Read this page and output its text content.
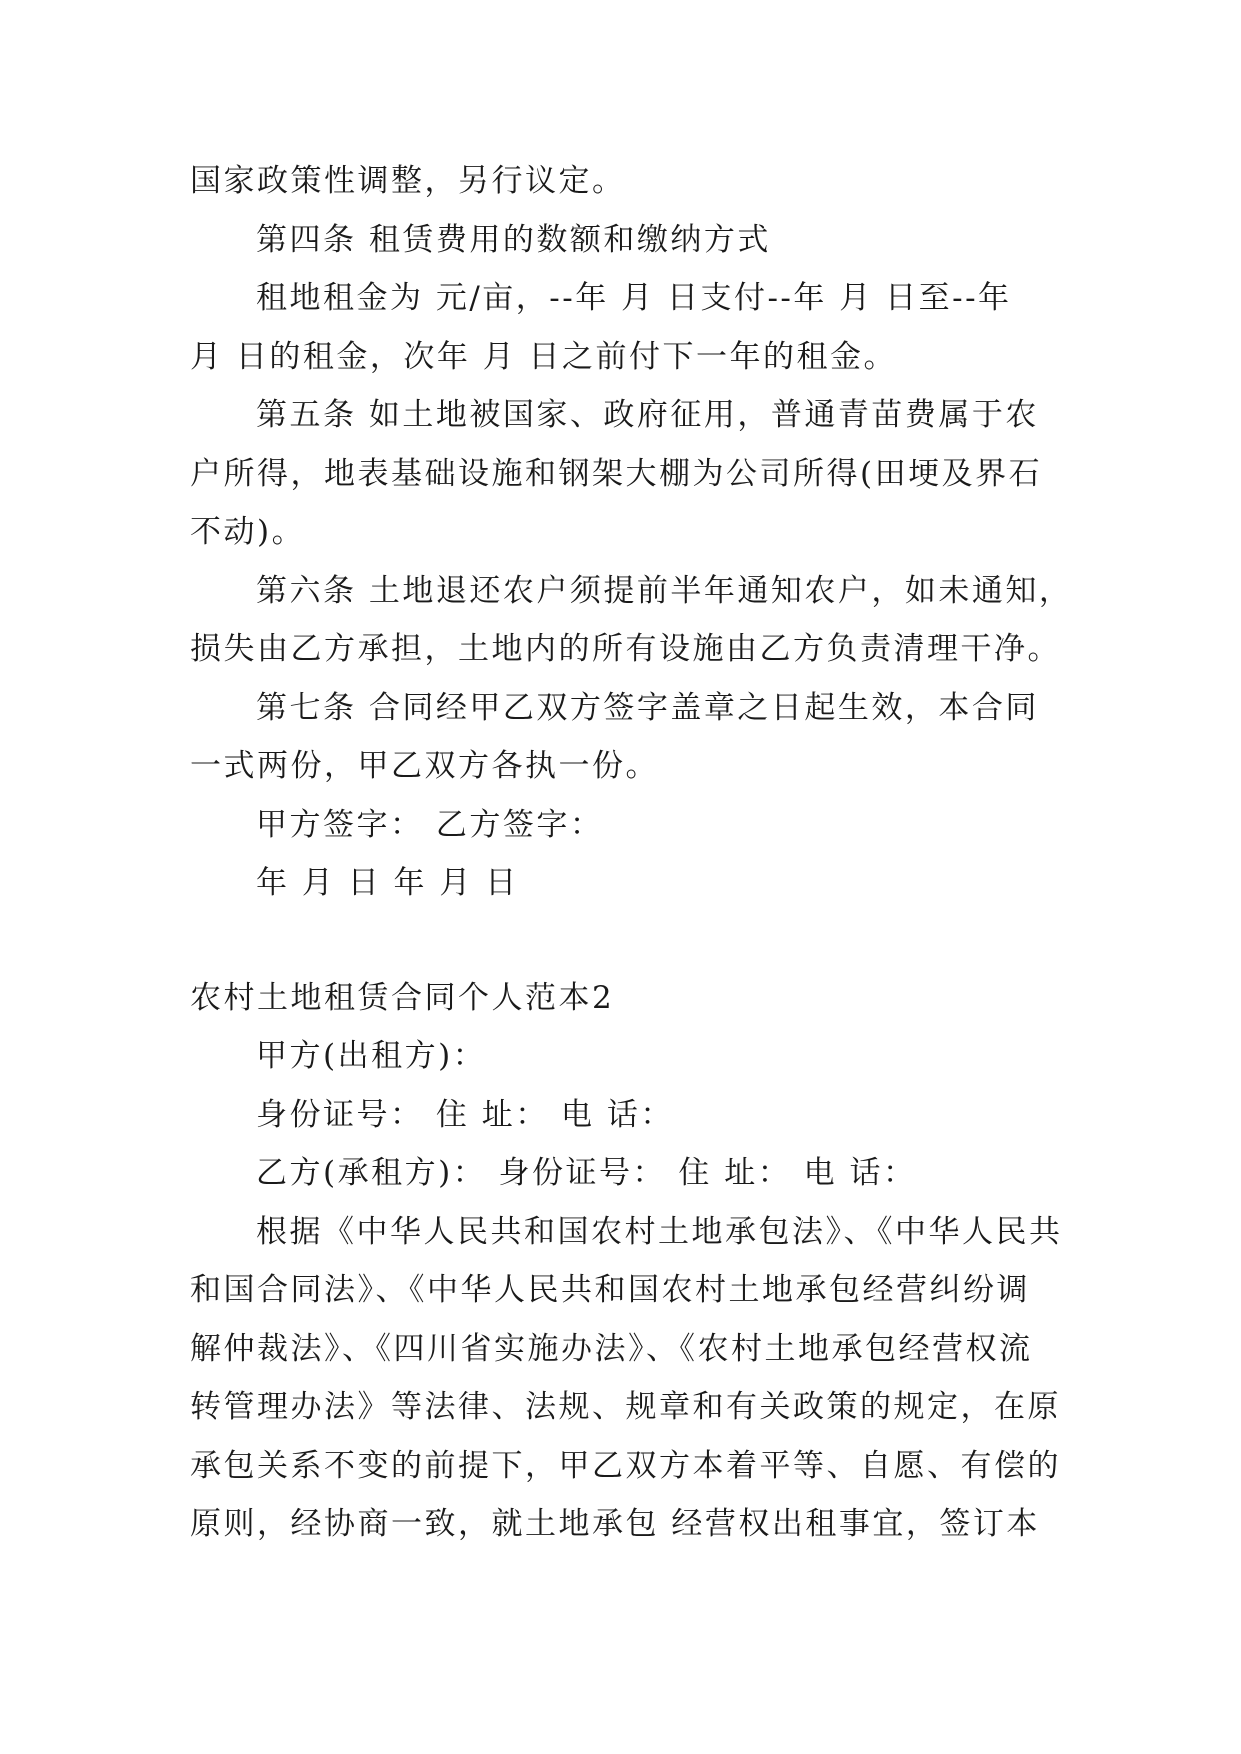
国家政策性调整，另行议定。
第四条 租赁费用的数额和缴纳方式
租地租金为 元/亩，--年 月 日支付--年 月 日至--年
月 日的租金，次年 月 日之前付下一年的租金。
第五条 如土地被国家、政府征用，普通青苗费属于农
户所得，地表基础设施和钢架大棚为公司所得(田埂及界石
不动)。
第六条 土地退还农户须提前半年通知农户，如未通知，
损失由乙方承担，土地内的所有设施由乙方负责清理干净。
第七条 合同经甲乙双方签字盖章之日起生效，本合同
一式两份，甲乙双方各执一份。
甲方签字： 乙方签字：
年 月 日 年 月 日
农村土地租赁合同个人范本2
甲方(出租方)：
身份证号： 住 址： 电 话：
乙方(承租方)： 身份证号： 住 址： 电 话：
根据《中华人民共和国农村土地承包法》、《中华人民共
和国合同法》、《中华人民共和国农村土地承包经营纠纷调
解仲裁法》、《四川省实施办法》、《农村土地承包经营权流
转管理办法》等法律、法规、规章和有关政策的规定，在原
承包关系不变的前提下，甲乙双方本着平等、自愿、有偿的
原则，经协商一致，就土地承包 经营权出租事宜，签订本
